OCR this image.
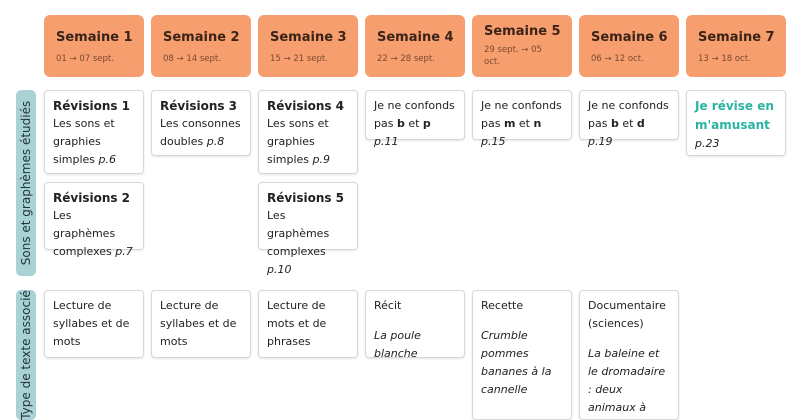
Semaine 1
01 → 07 sept.
Semaine 2
08 → 14 sept.
Semaine 3
15 → 21 sept.
Semaine 4
22 → 28 sept.
Semaine 5
29 sept. → 05 oct.
Semaine 6
06 → 12 oct.
Semaine 7
13 → 18 oct.
Sons et graphèmes étudiés
Type de texte associé
Révisions 1
Les sons et graphies simples p.6
Révisions 2
Les graphèmes complexes p.7
Révisions 3
Les consonnes doubles p.8
Révisions 4
Les sons et graphies simples p.9
Révisions 5
Les graphèmes complexes p.10
Je ne confonds pas b et p p.11
Je ne confonds pas m et n p.15
Je ne confonds pas b et d p.19
Je révise en m'amusant p.23
Lecture de syllabes et de mots
Lecture de syllabes et de mots
Lecture de mots et de phrases
Récit
La poule blanche
Recette
Crumble pommes bananes à la cannelle
Documentaire (sciences)
La baleine et le dromadaire : deux animaux à
